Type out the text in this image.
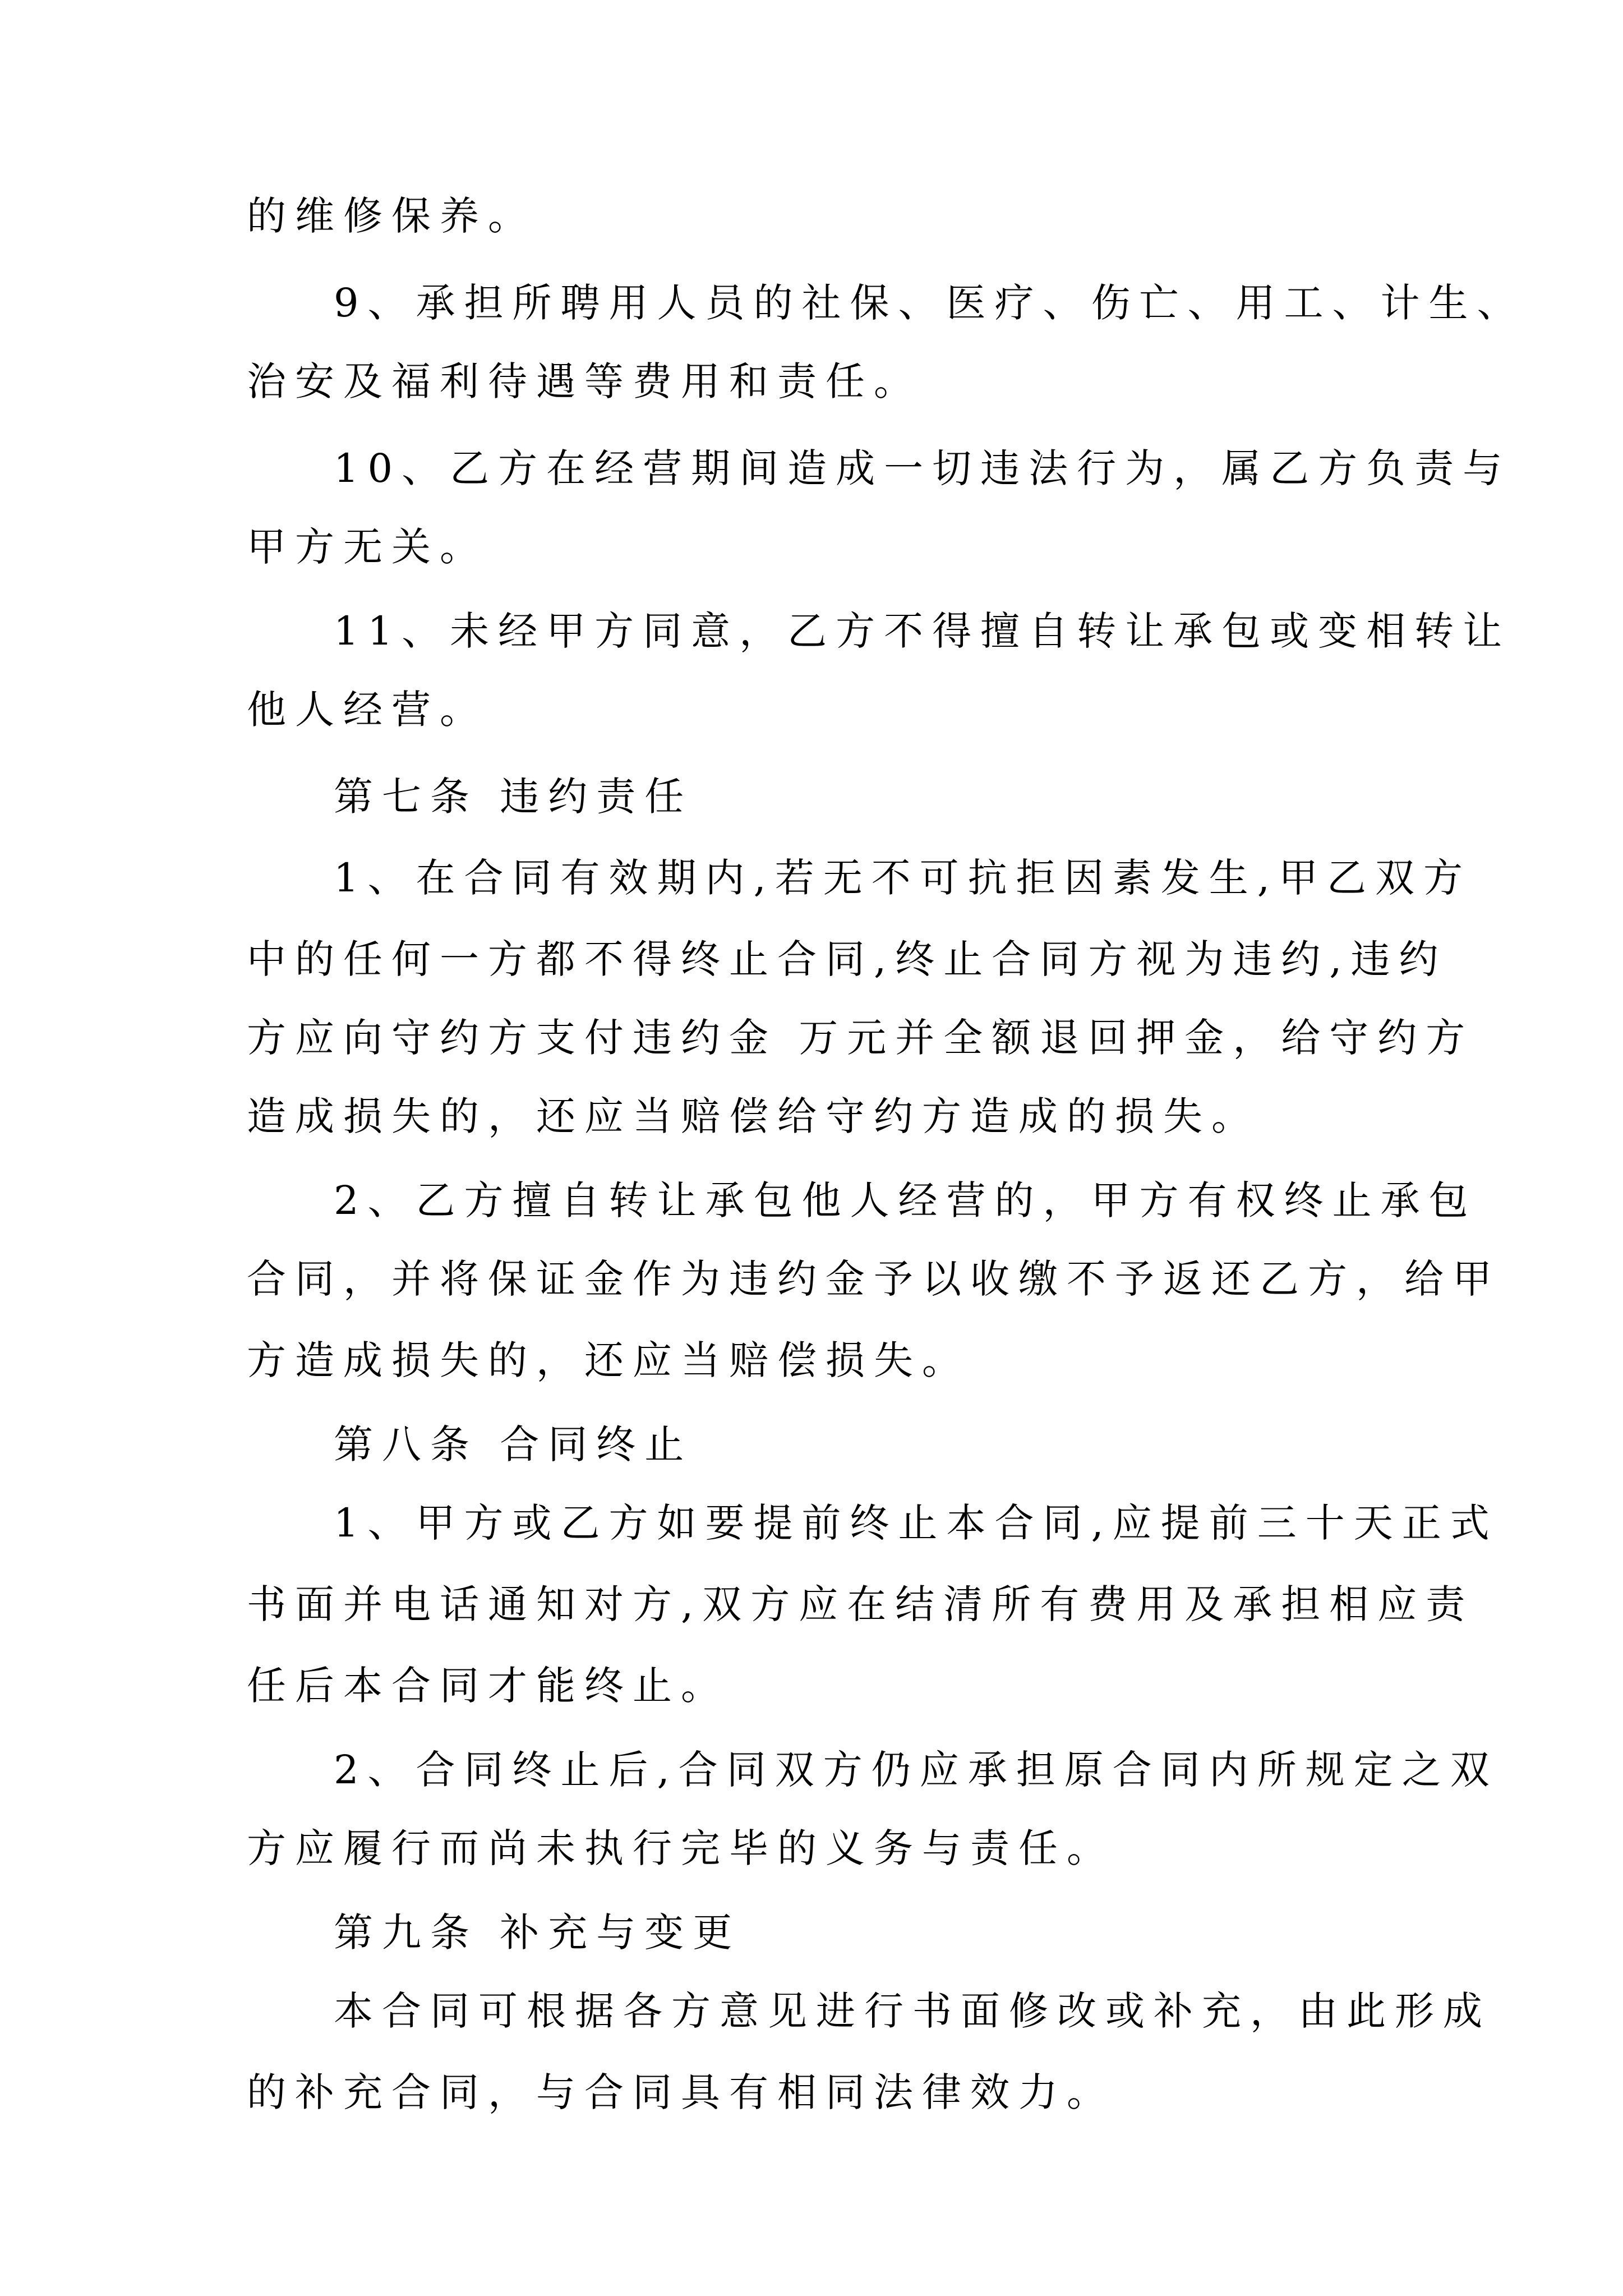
的维修保养。
9、承担所聘用人员的社保、医疗、伤亡、用工、计生、
治安及福利待遇等费用和责任。
10、乙方在经营期间造成一切违法行为，属乙方负责与
甲方无关。
11、未经甲方同意，乙方不得擅自转让承包或变相转让
他人经营。
第七条 违约责任
1、在合同有效期内,若无不可抗拒因素发生,甲乙双方
中的任何一方都不得终止合同,终止合同方视为违约,违约
方应向守约方支付违约金 万元并全额退回押金，给守约方
造成损失的，还应当赔偿给守约方造成的损失。
2、乙方擅自转让承包他人经营的，甲方有权终止承包
合同，并将保证金作为违约金予以收缴不予返还乙方，给甲
方造成损失的，还应当赔偿损失。
第八条 合同终止
1、甲方或乙方如要提前终止本合同,应提前三十天正式
书面并电话通知对方,双方应在结清所有费用及承担相应责
任后本合同才能终止。
2、合同终止后,合同双方仍应承担原合同内所规定之双
方应履行而尚未执行完毕的义务与责任。
第九条 补充与变更
本合同可根据各方意见进行书面修改或补充，由此形成
的补充合同，与合同具有相同法律效力。
